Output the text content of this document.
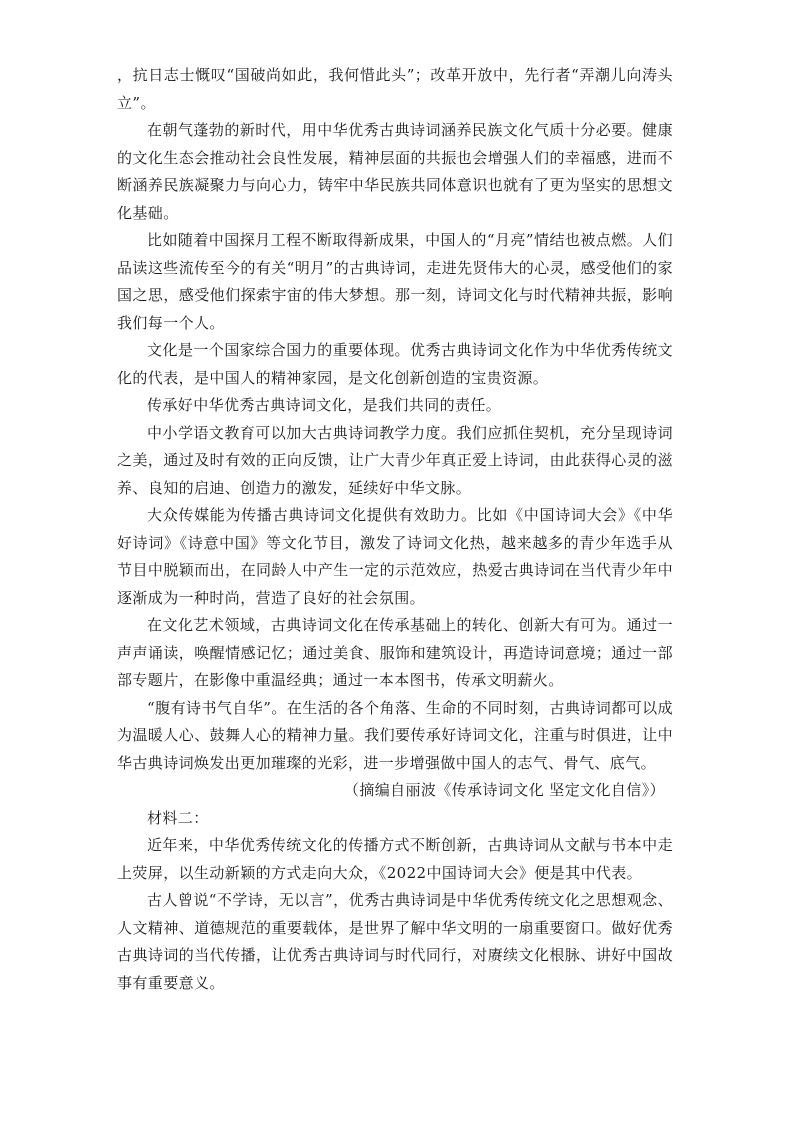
，抗日志士慨叹“国破尚如此，我何惜此头”；改革开放中，先行者“弄潮儿向涛头立”。

在朝气蓬勃的新时代，用中华优秀古典诗词涵养民族文化气质十分必要。健康的文化生态会推动社会良性发展，精神层面的共振也会增强人们的幸福感，进而不断涵养民族凝聚力与向心力，铸牢中华民族共同体意识也就有了更为坚实的思想文化基础。

比如随着中国探月工程不断取得新成果，中国人的“月亮”情结也被点燃。人们品读这些流传至今的有关“明月”的古典诗词，走进先贤伟大的心灵，感受他们的家国之思，感受他们探索宇宙的伟大梦想。那一刻，诗词文化与时代精神共振，影响我们每一个人。

文化是一个国家综合国力的重要体现。优秀古典诗词文化作为中华优秀传统文化的代表，是中国人的精神家园，是文化创新创造的宝贵资源。

传承好中华优秀古典诗词文化，是我们共同的责任。

中小学语文教育可以加大古典诗词教学力度。我们应抓住契机，充分呈现诗词之美，通过及时有效的正向反馈，让广大青少年真正爱上诗词，由此获得心灵的滋养、良知的启迪、创造力的激发，延续好中华文脉。

大众传媒能为传播古典诗词文化提供有效助力。比如《中国诗词大会》《中华好诗词》《诗意中国》等文化节目，激发了诗词文化热，越来越多的青少年选手从节目中脱颖而出，在同龄人中产生一定的示范效应，热爱古典诗词在当代青少年中逐渐成为一种时尚，营造了良好的社会氛围。

在文化艺术领域，古典诗词文化在传承基础上的转化、创新大有可为。通过一声声诵读，唤醒情感记忆；通过美食、服饰和建筑设计，再造诗词意境；通过一部部专题片，在影像中重温经典；通过一本本图书，传承文明薪火。

“腹有诗书气自华”。在生活的各个角落、生命的不同时刻，古典诗词都可以成为温暖人心、鼓舞人心的精神力量。我们要传承好诗词文化，注重与时俱进，让中华古典诗词焕发出更加璀璨的光彩，进一步增强做中国人的志气、骨气、底气。

（摘编自丽波《传承诗词文化 坚定文化自信》）

材料二：

近年来，中华优秀传统文化的传播方式不断创新，古典诗词从文献与书本中走上荧屏，以生动新颖的方式走向大众，《2022中国诗词大会》便是其中代表。

古人曾说“不学诗，无以言”，优秀古典诗词是中华优秀传统文化之思想观念、人文精神、道德规范的重要载体，是世界了解中华文明的一扇重要窗口。做好优秀古典诗词的当代传播，让优秀古典诗词与时代同行，对赓续文化根脉、讲好中国故事有重要意义。
